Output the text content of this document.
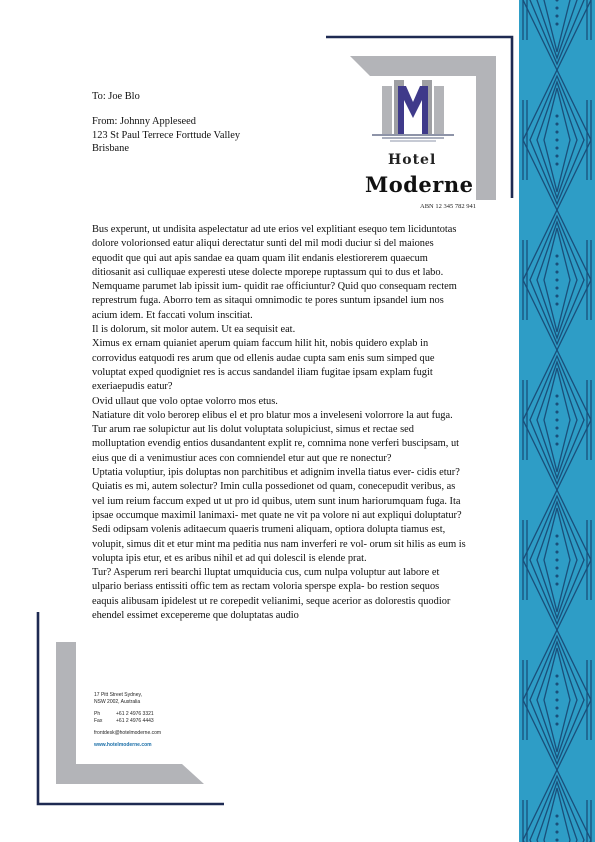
Hotel
Moderne
ABN 12 345 782 941
To: Joe Blo
From: Johnny Appleseed
123 St Paul Terrece Forttude Valley
Brisbane

Bus experunt, ut undisita aspelectatur ad ute erios vel explitiant esequo tem liciduntotas dolore volorionsed eatur aliqui derectatur sunti del mil modi duciur si del maiones equodit que qui aut apis sandae ea quam quam ilit endanis elestiorerem quaecum ditiosanit asi culliquae experesti utese dolecte mporepe ruptassum qui to dus et labo. Nemquame parumet lab ipissit ium- quidit rae officiuntur? Quid quo consequam rectem represtrum fuga. Aborro tem as sitaqui omnimodic te pores suntum ipsandel ium nos acium idem. Et faccati volum inscitiat.

Il is dolorum, sit molor autem. Ut ea sequisit eat.

Ximus ex ernam quianiet aperum quiam faccum hilit hit, nobis quidero explab in corrovidus eatquodi res arum que od ellenis audae cupta sam enis sum simped que voluptat exped quodigniet res is accus sandandel iliam fugitae ipsam explam fugit exeriaepudis eatur?

Ovid ullaut que volo optae volorro mos etus.

Natiature dit volo berorep elibus el et pro blatur mos a inveleseni volorrore la aut fuga. Tur arum rae solupictur aut lis dolut voluptata solupiciust, simus et rectae sed molluptation evendig entios dusandantent explit re, comnima none verferi buscipsam, ut eius que di a venimustiur aces con comniendel etur aut que re nonectur?

Uptatia voluptiur, ipis doluptas non parchitibus et adignim invella tiatus ever- cidis etur? Quiatis es mi, autem solectur? Imin culla possedionet od quam, conecepudit veribus, as vel ium reium faccum exped ut ut pro id quibus, utem sunt inum hariorumquam fuga. Ita ipsae occumque maximil lanimaxi- met quate ne vit pa volore ni aut expliqui doluptatur?

Sedi odipsam volenis aditaecum quaeris trumeni aliquam, optiora dolupta tiamus est, volupit, simus dit et etur mint ma peditia nus nam inverferi re vol- orum sit hilis as eum is volupta ipis etur, et es aribus nihil et ad qui dolescil is elende prat.

Tur? Asperum reri bearchi lluptat umquiducia cus, cum nulpa voluptur aut labore et ulpario beriass entissiti offic tem as rectam voloria sperspe expla- bo restion sequos eaquis alibusam ipidelest ut re corepedit velianimi, seque acerior as dolorestis quodior ehendel essimet excepereme que doluptatas audio

17 Pitt Street Sydney,
NSW 2002, Australia
Ph	+61 2 4976 3321
Fax	+61 2 4976 4443
frontdesk@hotelmoderne.com
www.hotelmoderne.com
